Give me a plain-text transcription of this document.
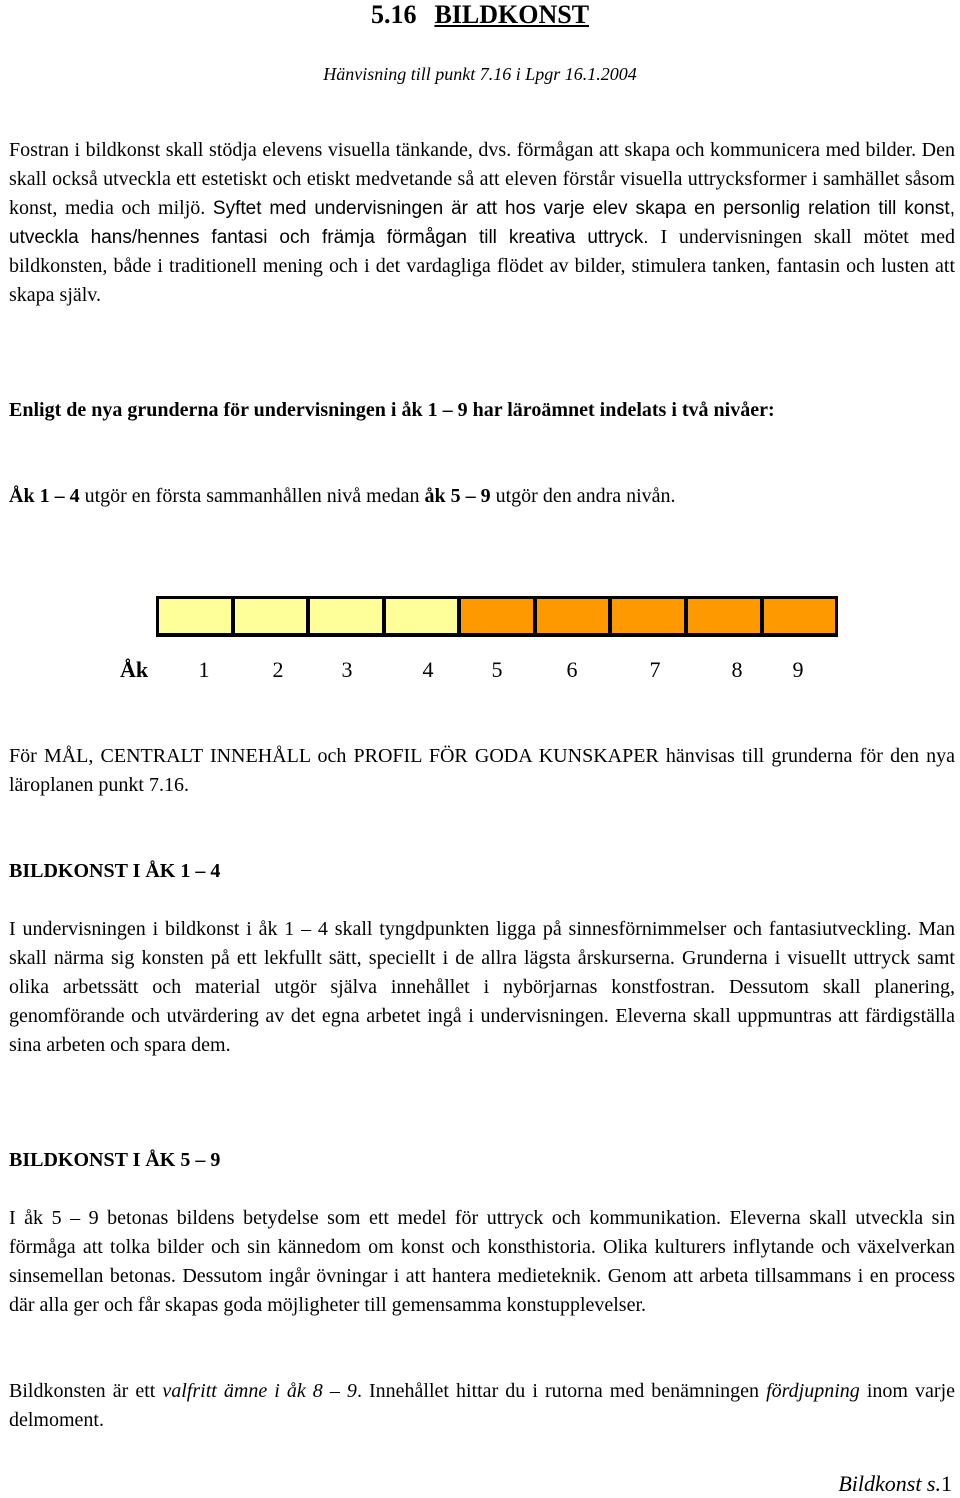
5.16 BILDKONST

Hänvisning till punkt 7.16 i Lpgr 16.1.2004

Fostran i bildkonst skall stödja elevens visuella tänkande, dvs. förmågan att skapa och kommunicera med bilder. Den skall också utveckla ett estetiskt och etiskt medvetande så att eleven förstår visuella uttrycksformer i samhället såsom konst, media och miljö. Syftet med undervisningen är att hos varje elev skapa en personlig relation till konst, utveckla hans/hennes fantasi och främja förmågan till kreativa uttryck. I undervisningen skall mötet med bildkonsten, både i traditionell mening och i det vardagliga flödet av bilder, stimulera tanken, fantasin och lusten att skapa själv.

Enligt de nya grunderna för undervisningen i åk 1 – 9 har läroämnet indelats i två nivåer:

Åk 1 – 4 utgör en första sammanhållen nivå medan åk 5 – 9 utgör den andra nivån.

Åk	1	2	3	4	5	6	7	8	9

För MÅL, CENTRALT INNEHÅLL och PROFIL FÖR GODA KUNSKAPER hänvisas till grunderna för den nya läroplanen punkt 7.16.

BILDKONST I ÅK 1 – 4

I undervisningen i bildkonst i åk 1 – 4 skall tyngdpunkten ligga på sinnesförnimmelser och fantasiutveckling. Man skall närma sig konsten på ett lekfullt sätt, speciellt i de allra lägsta årskurserna. Grunderna i visuellt uttryck samt olika arbetssätt och material utgör själva innehållet i nybörjarnas konstfostran. Dessutom skall planering, genomförande och utvärdering av det egna arbetet ingå i undervisningen. Eleverna skall uppmuntras att färdigställa sina arbeten och spara dem.

BILDKONST I ÅK 5 – 9

I åk 5 – 9 betonas bildens betydelse som ett medel för uttryck och kommunikation. Eleverna skall utveckla sin förmåga att tolka bilder och sin kännedom om konst och konsthistoria. Olika kulturers inflytande och växelverkan sinsemellan betonas. Dessutom ingår övningar i att hantera medieteknik. Genom att arbeta tillsammans i en process där alla ger och får skapas goda möjligheter till gemensamma konstupplevelser.

Bildkonsten är ett valfritt ämne i åk 8 – 9. Innehållet hittar du i rutorna med benämningen fördjupning inom varje delmoment.

Bildkonst s.1
